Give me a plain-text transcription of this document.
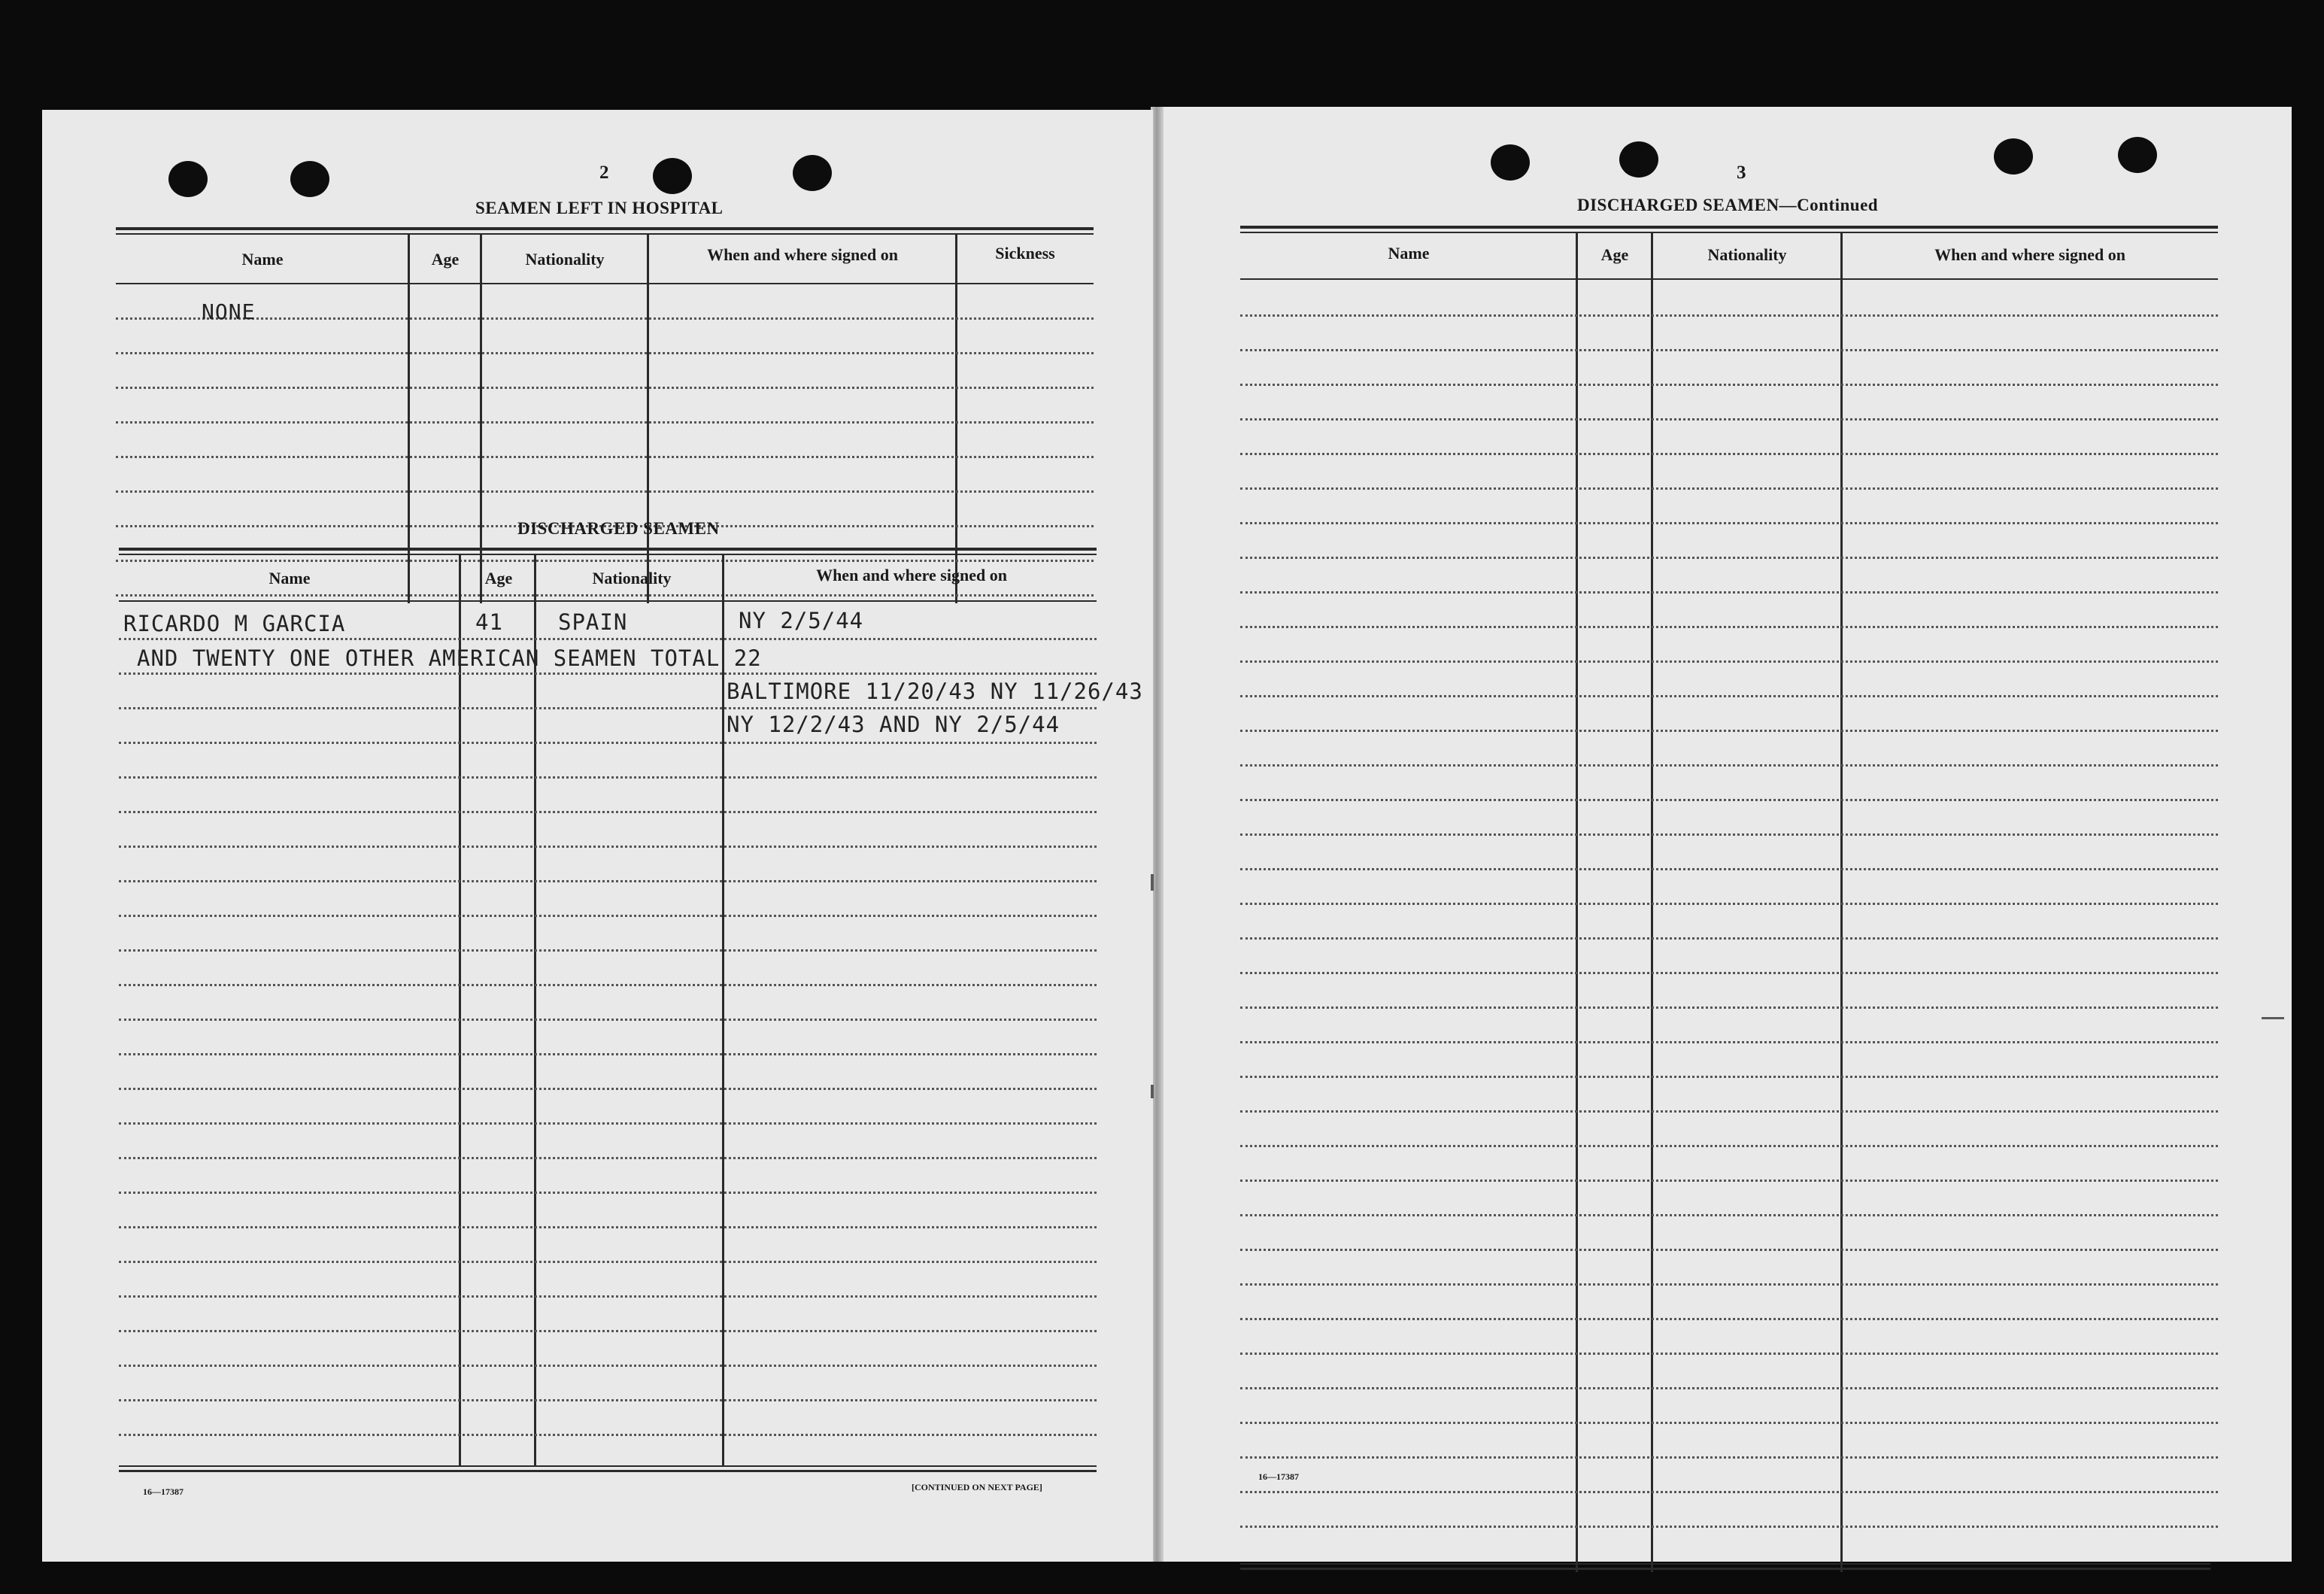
2
SEAMEN LEFT IN HOSPITAL
Name	Age	Nationality	When and where signed on	Sickness
NONE
DISCHARGED SEAMEN
Name	Age	Nationality	When and where signed on
RICARDO M GARCIA	41	SPAIN	NY 2/5/44
AND TWENTY ONE OTHER AMERICAN SEAMEN TOTAL 22
BALTIMORE 11/20/43 NY 11/26/43
NY 12/2/43 AND NY 2/5/44
16—17387	[CONTINUED ON NEXT PAGE]
3
DISCHARGED SEAMEN—Continued
Name	Age	Nationality	When and where signed on
16—17387
